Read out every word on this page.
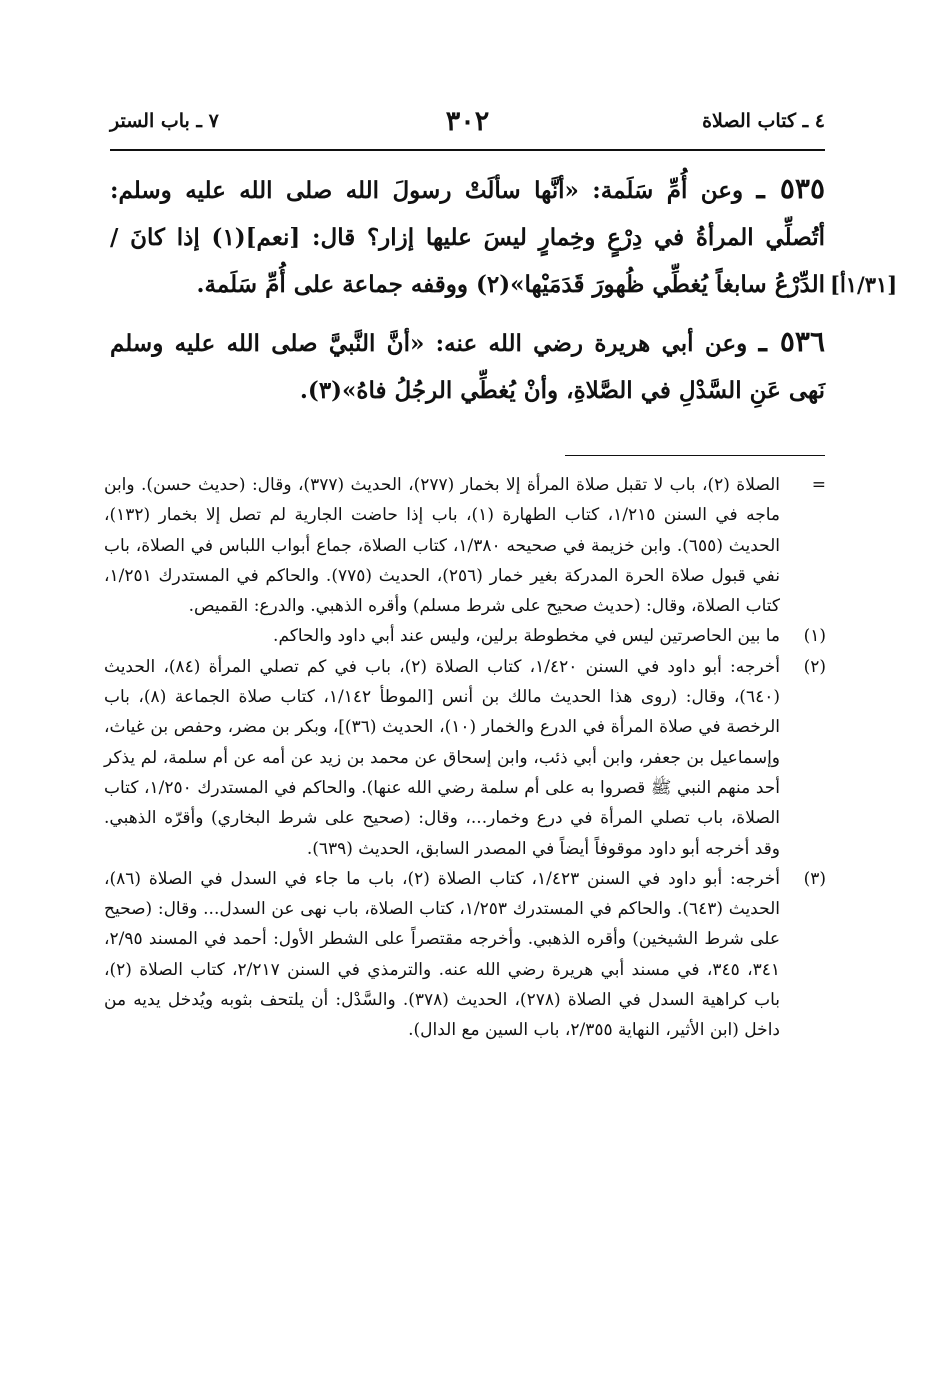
٤ ـ كتاب الصلاة
٣٠٢
٧ ـ باب الستر

٥٣٥ ـ وعن أُمِّ سَلَمة: «أنَّها سألَتْ رسولَ الله صلى الله عليه وسلم: أتُصلِّي المرأةُ في دِرْعٍ وخِمارٍ ليسَ عليها إزار؟ قال: [نعم](١) إذا كانَ / الدِّرْعُ سابغاً يُغطِّي ظُهورَ قَدَمَيْها»(٢) ووقفه جماعة على أُمِّ سَلَمة.

٥٣٦ ـ وعن أبي هريرة رضي الله عنه: «أنَّ النَّبيَّ صلى الله عليه وسلم نَهى عَنِ السَّدْلِ في الصَّلاةِ، وأنْ يُغطِّي الرجُلُ فاهُ»(٣).

[١/٣١أ]
=
الصلاة (٢)، باب لا تقبل صلاة المرأة إلا بخمار (٢٧٧)، الحديث (٣٧٧)، وقال: (حديث حسن). وابن ماجه في السنن ١/٢١٥، كتاب الطهارة (١)، باب إذا حاضت الجارية لم تصل إلا بخمار (١٣٢)، الحديث (٦٥٥). وابن خزيمة في صحيحه ١/٣٨٠، كتاب الصلاة، جماع أبواب اللباس في الصلاة، باب نفي قبول صلاة الحرة المدركة بغير خمار (٢٥٦)، الحديث (٧٧٥). والحاكم في المستدرك ١/٢٥١، كتاب الصلاة، وقال: (حديث صحيح على شرط مسلم) وأقره الذهبي. والدرع: القميص.
(١)
ما بين الحاصرتين ليس في مخطوطة برلين، وليس عند أبي داود والحاكم.
(٢)
أخرجه: أبو داود في السنن ١/٤٢٠، كتاب الصلاة (٢)، باب في كم تصلي المرأة (٨٤)، الحديث (٦٤٠)، وقال: (روى هذا الحديث مالك بن أنس [الموطأ ١/١٤٢، كتاب صلاة الجماعة (٨)، باب الرخصة في صلاة المرأة في الدرع والخمار (١٠)، الحديث (٣٦)]، وبكر بن مضر، وحفص بن غياث، وإسماعيل بن جعفر، وابن أبي ذئب، وابن إسحاق عن محمد بن زيد عن أمه عن أم سلمة، لم يذكر أحد منهم النبي ﷺ قصروا به على أم سلمة رضي الله عنها). والحاكم في المستدرك ١/٢٥٠، كتاب الصلاة، باب تصلي المرأة في درع وخمار...، وقال: (صحيح على شرط البخاري) وأقرّه الذهبي. وقد أخرجه أبو داود موقوفاً أيضاً في المصدر السابق، الحديث (٦٣٩).
(٣)
أخرجه: أبو داود في السنن ١/٤٢٣، كتاب الصلاة (٢)، باب ما جاء في السدل في الصلاة (٨٦)، الحديث (٦٤٣). والحاكم في المستدرك ١/٢٥٣، كتاب الصلاة، باب نهى عن السدل... وقال: (صحيح على شرط الشيخين) وأقره الذهبي. وأخرجه مقتصراً على الشطر الأول: أحمد في المسند ٢/٩٥، ٣٤١، ٣٤٥، في مسند أبي هريرة رضي الله عنه. والترمذي في السنن ٢/٢١٧، كتاب الصلاة (٢)، باب كراهية السدل في الصلاة (٢٧٨)، الحديث (٣٧٨). والسَّدْل: أن يلتحف بثوبه ويُدخل يديه من داخل (ابن الأثير، النهاية ٢/٣٥٥، باب السين مع الدال).
